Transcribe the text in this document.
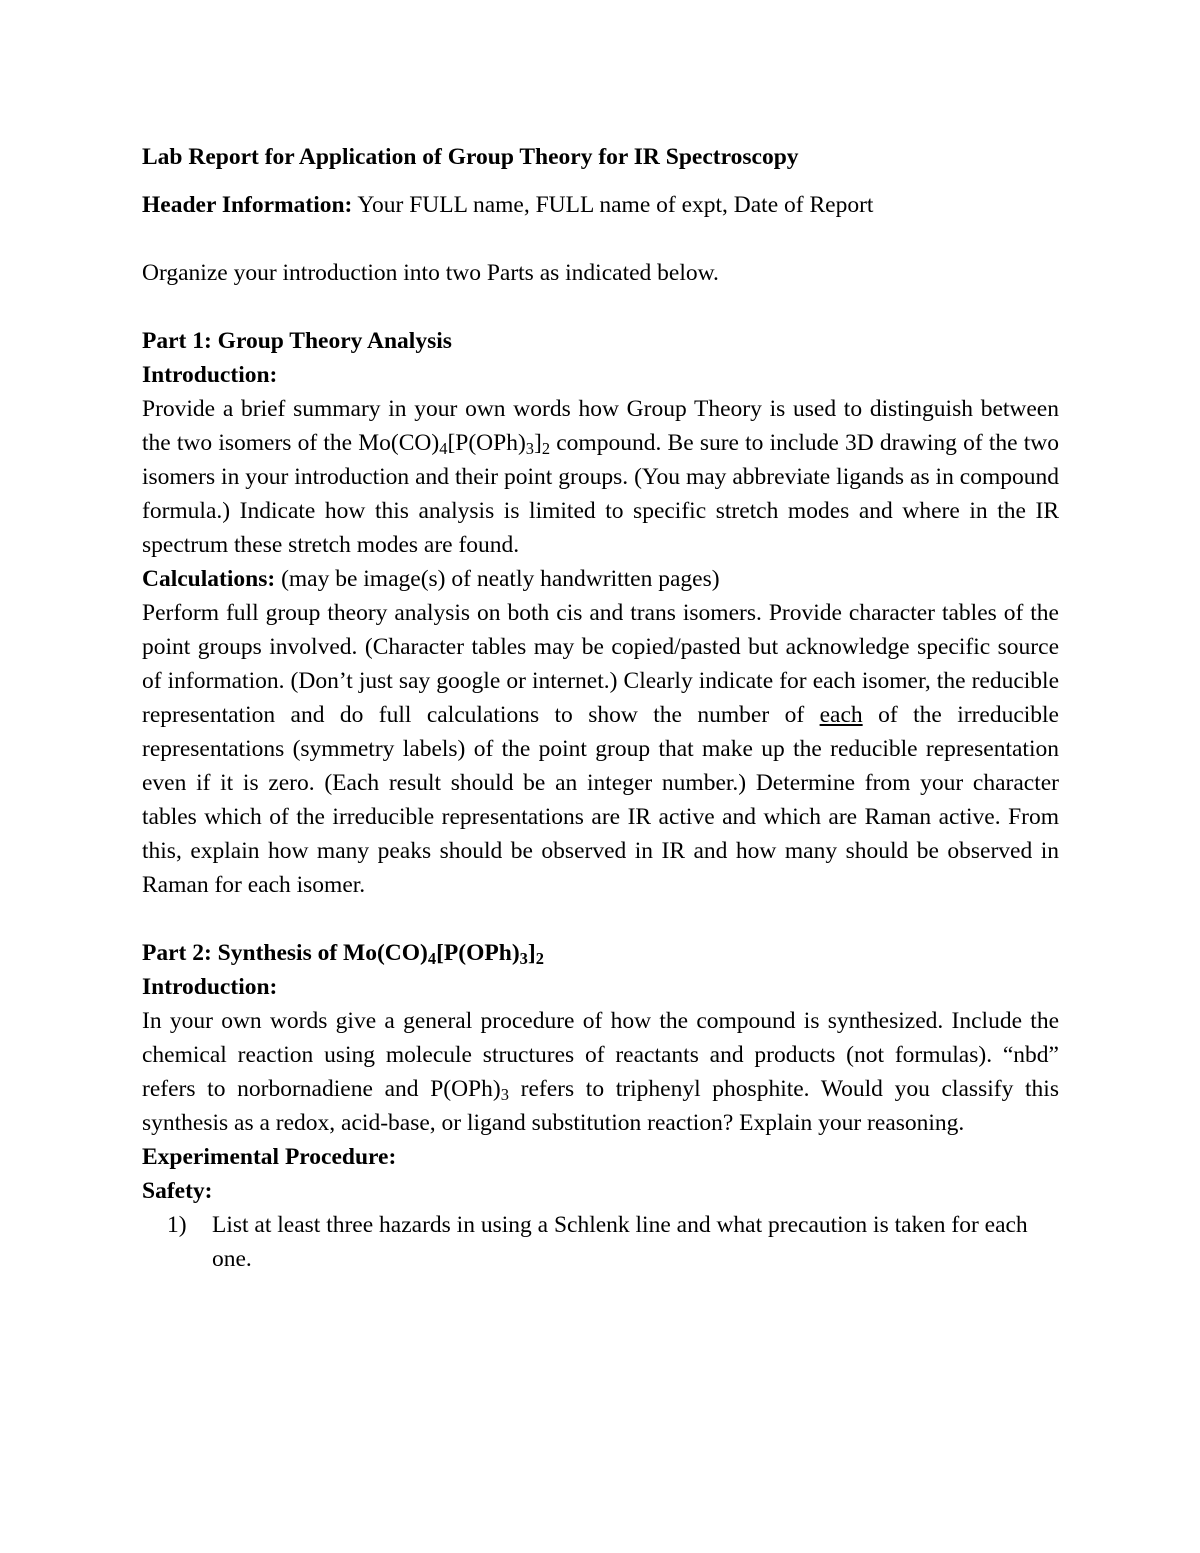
Lab Report for Application of Group Theory for IR Spectroscopy

Header Information: Your FULL name, FULL name of expt, Date of Report

Organize your introduction into two Parts as indicated below.

Part 1: Group Theory Analysis

Introduction:

Provide a brief summary in your own words how Group Theory is used to distinguish between the two isomers of the $Mo(CO)_4[P(OPh)_3]_2$ compound. Be sure to include 3D drawing of the two isomers in your introduction and their point groups. (You may abbreviate ligands as in compound formula.) Indicate how this analysis is limited to specific stretch modes and where in the IR spectrum these stretch modes are found.

Calculations: (may be image(s) of neatly handwritten pages)

Perform full group theory analysis on both cis and trans isomers. Provide character tables of the point groups involved. (Character tables may be copied/pasted but acknowledge specific source of information. (Don’t just say google or internet.) Clearly indicate for each isomer, the reducible representation and do full calculations to show the number of each of the irreducible representations (symmetry labels) of the point group that make up the reducible representation even if it is zero. (Each result should be an integer number.) Determine from your character tables which of the irreducible representations are IR active and which are Raman active. From this, explain how many peaks should be observed in IR and how many should be observed in Raman for each isomer.

Part 2: Synthesis of $Mo(CO)_4[P(OPh)_3]_2$

Introduction:

In your own words give a general procedure of how the compound is synthesized. Include the chemical reaction using molecule structures of reactants and products (not formulas). “nbd” refers to norbornadiene and $P(OPh)_3$ refers to triphenyl phosphite. Would you classify this synthesis as a redox, acid-base, or ligand substitution reaction? Explain your reasoning.

Experimental Procedure:

Safety:

1) List at least three hazards in using a Schlenk line and what precaution is taken for each one.
